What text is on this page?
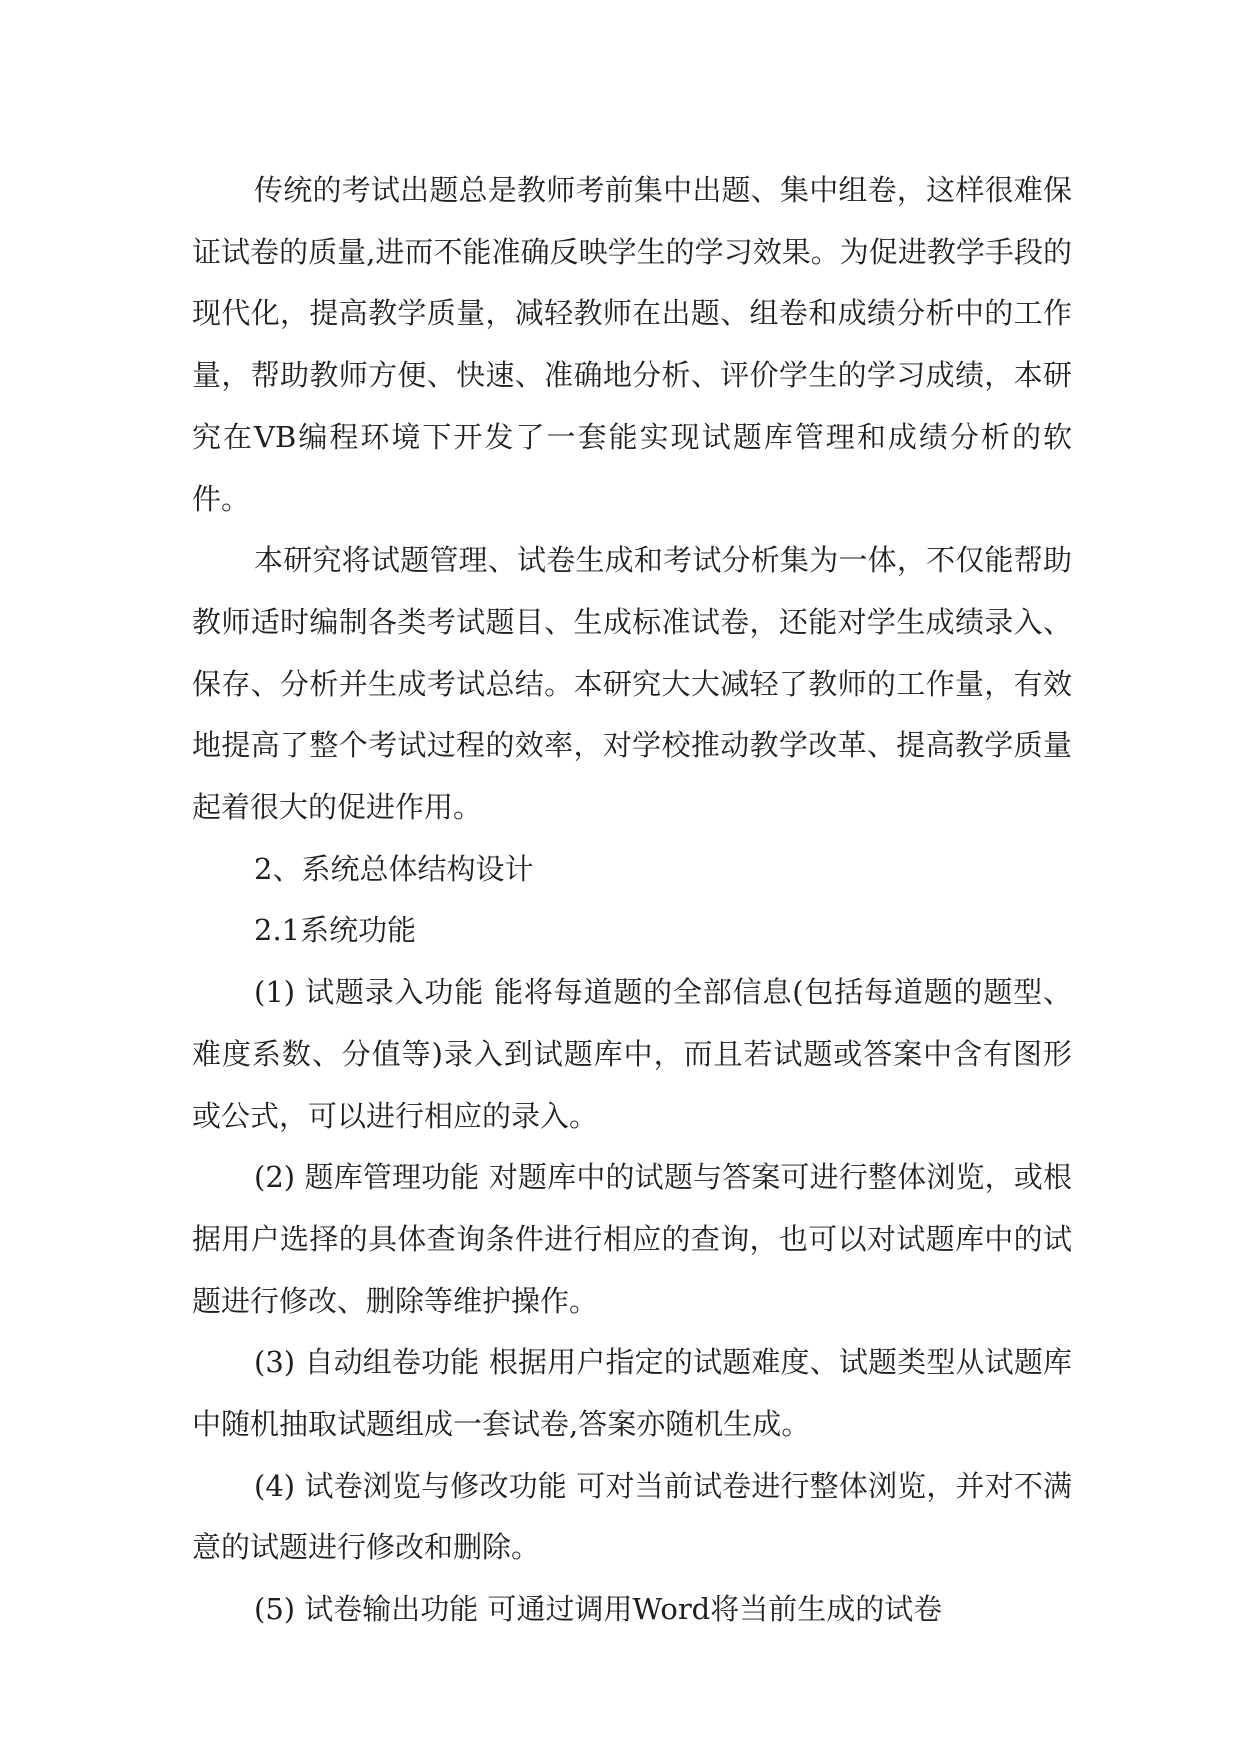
传统的考试出题总是教师考前集中出题、集中组卷，这样很难保证试卷的质量,进而不能准确反映学生的学习效果。为促进教学手段的现代化，提高教学质量，减轻教师在出题、组卷和成绩分析中的工作量，帮助教师方便、快速、准确地分析、评价学生的学习成绩，本研究在VB编程环境下开发了一套能实现试题库管理和成绩分析的软件。

本研究将试题管理、试卷生成和考试分析集为一体，不仅能帮助教师适时编制各类考试题目、生成标准试卷，还能对学生成绩录入、保存、分析并生成考试总结。本研究大大减轻了教师的工作量，有效地提高了整个考试过程的效率，对学校推动教学改革、提高教学质量起着很大的促进作用。

2、系统总体结构设计

2.1系统功能

(1) 试题录入功能 能将每道题的全部信息(包括每道题的题型、难度系数、分值等)录入到试题库中，而且若试题或答案中含有图形或公式，可以进行相应的录入。

(2) 题库管理功能 对题库中的试题与答案可进行整体浏览，或根据用户选择的具体查询条件进行相应的查询，也可以对试题库中的试题进行修改、删除等维护操作。

(3) 自动组卷功能 根据用户指定的试题难度、试题类型从试题库中随机抽取试题组成一套试卷,答案亦随机生成。

(4) 试卷浏览与修改功能 可对当前试卷进行整体浏览，并对不满意的试题进行修改和删除。

(5) 试卷输出功能 可通过调用Word将当前生成的试卷
